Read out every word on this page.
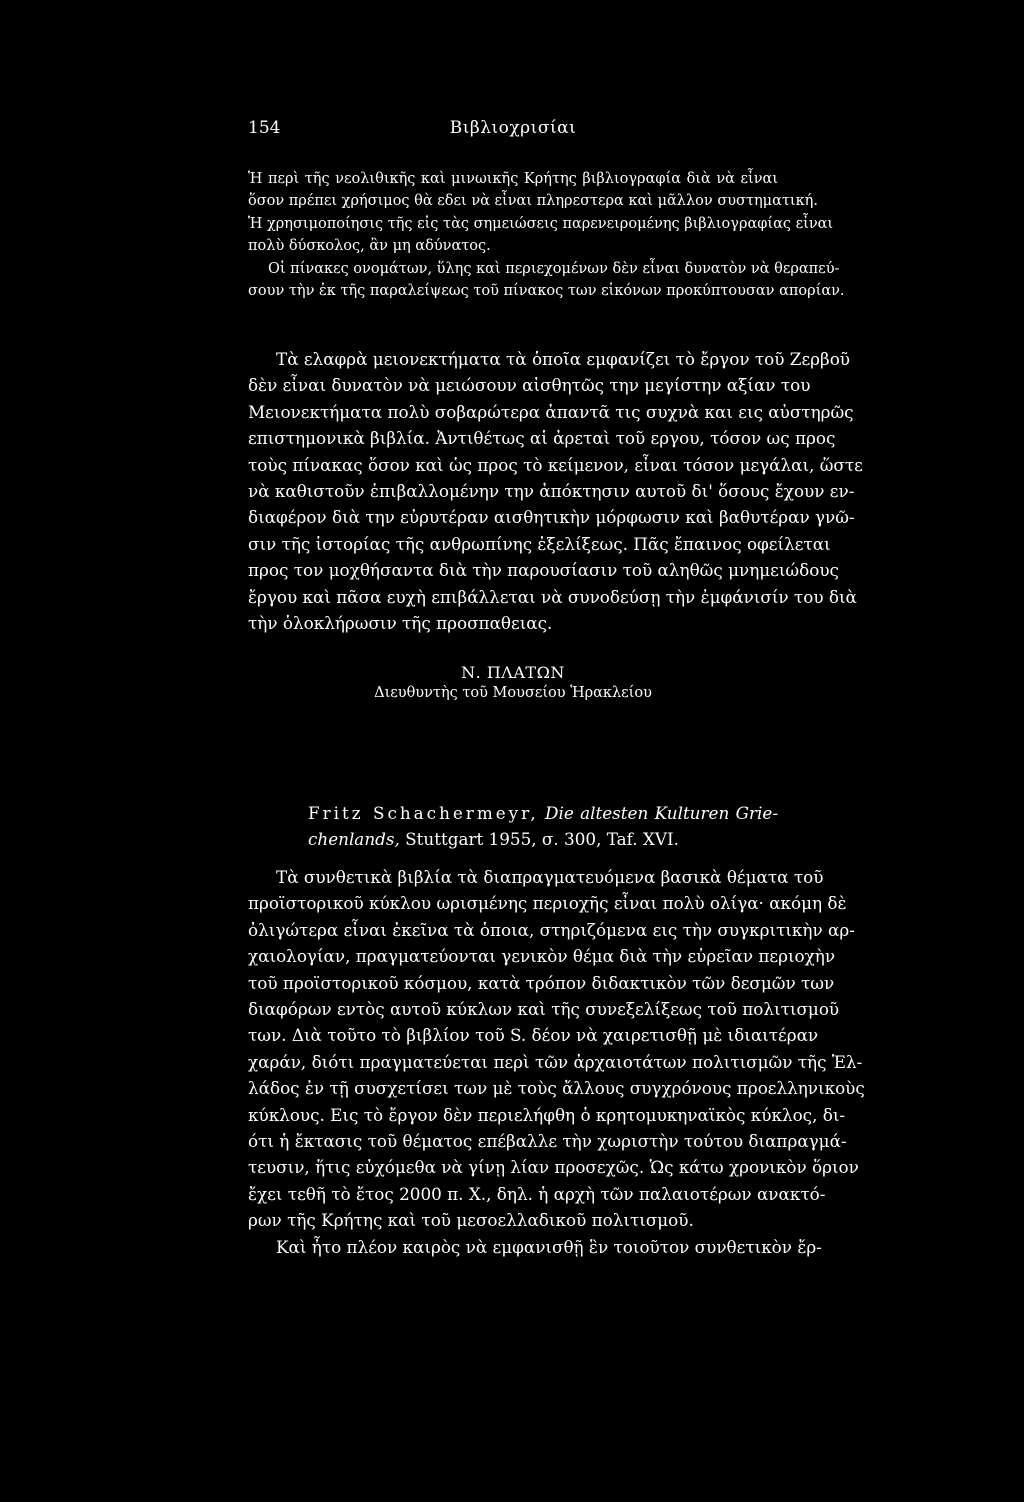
154	Βιβλιοχρισίαι
Ἡ περὶ τῆς νεολιθικῆς καὶ μινωικῆς Κρήτης βιβλιογραφία διὰ νὰ εἶναι
ὅσον πρέπει χρήσιμος θὰ εδει νὰ εἶναι πληρεστερα καὶ μᾶλλον συστηματική.
Ἡ χρησιμοποίησις τῆς εἰς τὰς σημειώσεις παρενειρομένης βιβλιογραφίας εἶναι
πολὺ δύσκολος, ἂν μη αδύνατος.
Οἱ πίνακες ονομάτων, ὕλης καὶ περιεχομένων δὲν εἶναι δυνατὸν νὰ θεραπεύ-
σουν τὴν ἐκ τῆς παραλείψεως τοῦ πίνακος των εἰκόνων προκύπτουσαν απορίαν.
Τὰ ελαφρὰ μειονεκτήματα τὰ ὁποῖα εμφανίζει τὸ ἔργον τοῦ Ζερβοῦ
δὲν εἶναι δυνατὸν νὰ μειώσουν αἰσθητῶς την μεγίστην αξίαν του
Μειονεκτήματα πολὺ σοβαρώτερα ἀπαντᾶ τις συχνὰ και εις αὐστηρῶς
επιστημονικὰ βιβλία. Ἀντιθέτως αἱ ἀρεταὶ τοῦ εργου, τόσον ως προς
τοὺς πίνακας ὅσον καὶ ὡς προς τὸ κείμενον, εἶναι τόσον μεγάλαι, ὥστε
νὰ καθιστοῦν ἐπιβαλλομένην την ἀπόκτησιν αυτοῦ δι' ὅσους ἔχουν εν-
διαφέρον διὰ την εὐρυτέραν αισθητικὴν μόρφωσιν καὶ βαθυτέραν γνῶ-
σιν τῆς ἱστορίας τῆς ανθρωπίνης ἐξελίξεως. Πᾶς ἔπαινος οφείλεται
προς τον μοχθήσαντα διὰ τὴν παρουσίασιν τοῦ αληθῶς μνημειώδους
ἔργου καὶ πᾶσα ευχὴ επιβάλλεται νὰ συνοδεύσῃ τὴν ἐμφάνισίν του διὰ
τὴν ὁλοκλήρωσιν τῆς προσπαθειας.
Ν. ΠΛΑΤΩΝ
Διευθυντὴς τοῦ Μουσείου Ἡρακλείου
Fritz Schachermeyr, Die altesten Kulturen Grie-
chenlands, Stuttgart 1955, σ. 300, Taf. XVI.
Τὰ συνθετικὰ βιβλία τὰ διαπραγματευόμενα βασικὰ θέματα τοῦ
προϊστορικοῦ κύκλου ωρισμένης περιοχῆς εἶναι πολὺ ολίγα· ακόμη δὲ
ὀλιγώτερα εἶναι ἐκεῖνα τὰ ὁποια, στηριζόμενα εις τὴν συγκριτικὴν αρ-
χαιολογίαν, πραγματεύονται γενικὸν θέμα διὰ τὴν εὐρεῖαν περιοχὴν
τοῦ προϊστορικοῦ κόσμου, κατὰ τρόπον διδακτικὸν τῶν δεσμῶν των
διαφόρων εντὸς αυτοῦ κύκλων καὶ τῆς συνεξελίξεως τοῦ πολιτισμοῦ
των. Διὰ τοῦτο τὸ βιβλίον τοῦ S. δέον νὰ χαιρετισθῇ μὲ ιδιαιτέραν
χαράν, διότι πραγματεύεται περὶ τῶν ἀρχαιοτάτων πολιτισμῶν τῆς Ἑλ-
λάδος ἐν τῇ συσχετίσει των μὲ τοὺς ἄλλους συγχρόνους προελληνικοὺς
κύκλους. Εις τὸ ἔργον δὲν περιελήφθη ὁ κρητομυκηναϊκὸς κύκλος, δι-
ότι ἡ ἔκτασις τοῦ θέματος επέβαλλε τὴν χωριστὴν τούτου διαπραγμά-
τευσιν, ἥτις εὐχόμεθα νὰ γίνῃ λίαν προσεχῶς. Ὡς κάτω χρονικὸν ὅριον
ἔχει τεθῆ τὸ ἔτος 2000 π. Χ., δηλ. ἡ αρχὴ τῶν παλαιοτέρων ανακτό-
ρων τῆς Κρήτης καὶ τοῦ μεσοελλαδικοῦ πολιτισμοῦ.
Καὶ ἦτο πλέον καιρὸς νὰ εμφανισθῇ ἓν τοιοῦτον συνθετικὸν ἔρ-
